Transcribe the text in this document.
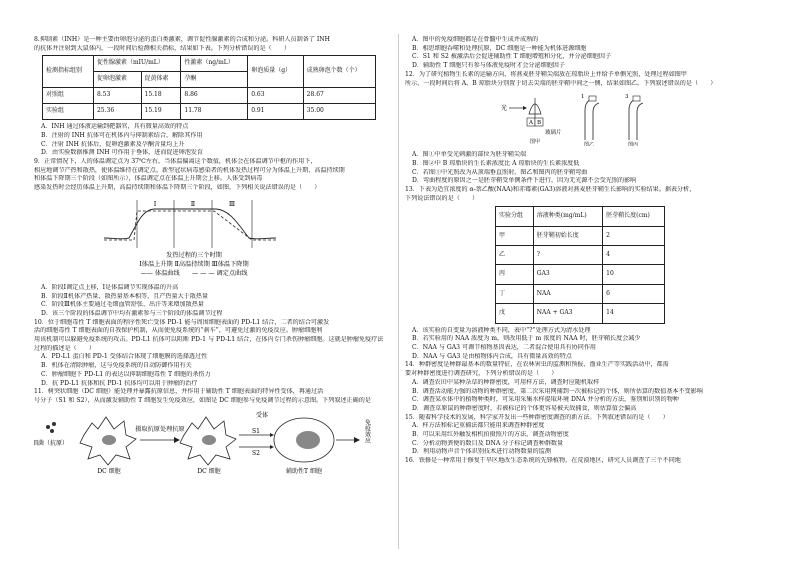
8.抑制素（INH）是一种主要由卵泡分泌的蛋白类激素，调节促性腺激素的合成和分泌。科研人员制备了 INH

的抗体并注射到大鼠体内，一段时间后检测相关指标，结果如下表。下列分析错误的是（　　）

检测指标组别	促性腺激素（mIU/mL）		性激素（ng/mL）	卵泡质量（g）	成熟卵泡个数（个）
	促卵泡激素	促黄体素	孕酮		
对照组	8.53	15.18	8.86	0.63	28.67
实验组	25.36	15.19	11.78	0.91	35.00

A．INH 通过体液运输到靶器官，具有微量高效的特点

B．注射的 INH 抗体可在机体内与抑制素结合，解除其作用

C．注射 INH 抗体后，促卵泡激素及孕酮含量均上升

D．由实验数据推测 INH 可作用于垂体，进而促进卵泡发育

9．正常情况下，人的体温调定点为 37℃左右，当体温偏离这个数值，机体会在体温调节中枢的作用下，

相应地调节产热和散热，使体温维持在调定点。新型冠状病毒感染者的机体发热过程可分为体温上升期、高温持续期

和体温下降期三个阶段（如图所示），体温调定点在体温上升期会上移。人体受到病毒

感染发热时会经历体温上升期，高温持续期和体温下降期三个阶段，如图，下列相关说法错误的是（　　）

Ⅰ	Ⅱ	Ⅲ
发热过程的三个时期
Ⅰ体温上升期 Ⅱ高温持续期 Ⅲ体温下降期
—— 体温曲线　　— — — 调定点曲线

A．阶段Ⅰ调定点上移，Ⅰ是体温调节实现体温的升高

B．阶段Ⅱ机体产热量、散热量基本相等，且产热量大于散热量

C．阶段Ⅲ机体主要通过毛细血管舒张、出汗等来增加散热量

D．该三个阶段的体温调节中均有激素参与三个阶段的体温调节过程

10．位于细胞毒性 T 细胞表面的程序性死亡受体 PD-1 能与周围细胞表面的 PD-L1 结合，二者的结合可激发

活的细胞毒性 T 细胞表面的自我保护机制，从而使免疫系统的“刹车”，可避免过激的免疫反应。肿瘤细胞利

用该机制可以躲避免疫系统的攻击。PD-L1 抗体可以阻断 PD-1 与 PD-L1 结合，在体内专门杀伤肿瘤细胞。这就是肿瘤免疫疗法

过程的描述是（　　）

A．PD-L1 蛋白和 PD-1 受体结合体现了细胞膜的选择透过性

B．机体在清除肿瘤，这与免疫系统的自动防御作用有关

C．肿瘤细胞下 PD-L1 的表达以抑制细胞毒性 T 细胞的杀伤力

D．抗 PD-L1 抗体和抗 PD-1 抗体均可以用于肿瘤的治疗

11．树突状细胞（DC 细胞）能处理并暴露抗原信息，并作用于辅助性 T 细胞表面的特异性受体，再通过活

号分子（S1 和 S2），从而激发辅助性 T 细胞发生免疫效应，如图是 DC 细胞参与免疫调节过程的示意图。下列叙述正确的是

细菌（抗原）
DC 细胞
摄取抗原处理抗原
DC 细胞
受体
S1
S2
辅助性T 细胞
免疫效应

A．图中的免疫细胞都是在骨髓中生成并成熟的

B．相思细胞吞噬和处理抗原，DC 细胞是一种能为机体进源细胞

C．S1 和 S2 被激活后会促进辅助性 T 细胞增殖和分化，并分泌细胞因子

D．辅助性 T 细胞只有参与体液免疫时才会分泌细胞因子

12．为了研究植物生长素的运输方向，将燕麦胚芽鞘尖端放在琼脂块上并给予单侧光照，处理过程如图甲

所示，一段时间后将 A、B 琼脂块分别置于切去尖端的胚芽鞘中间之一侧，结果如图乙。下列叙述错误的是（　　）

光
A B
玻璃片
图甲
1
图乙
3
图丙

A．图①中单受光刺激的部位为胚芽鞘尖端

B．图②中 B 琼脂块的生长素浓度比 A 琼脂块的生长素浓度低

C．若图①中光照改为从顶端垂直照射，图乙和图丙的胚芽鞘弯曲

D．弯曲程度的原因之一是胚芽鞘受单侧条件下进行，因为无光源不会受光照的影响

13．下表为适宜浓度的 α-萘乙酸(NAA)和赤霉素(GA3)溶液对燕麦胚芽鞘生长影响的实验结果。据表分析，

下列说法错误的是（　　）

实验分组	溶液种类(mg/mL)	胚芽鞘长度(cm)
甲	胚芽鞘初始长度	2
乙	?	4
丙	GA3	10
丁	NAA	6
戊	NAA + GA3	14

A．该实验的自变量为溶液种类不同，表中“?”处理方式为清水处理

B．若实验用的 NAA 浓度为 m，则改用低于 m 浓度的 NAA 时，胚芽鞘长度会减少

C．NAA 与 GA3 可调节植物基因表达，二者混合使用具有协同作用

D．NAA 与 GA3 是由植物体内合成，具有微量高效的特点

14．种群密度是种群最基本的数量特征，在农林害虫的监测和预报、渔业生产等实践活动中，都需

要对种群密度进行调查研究，下列分析错误的是（　　）

A．调查农田中某种杂草的种群密度，可用样方法，调查时应随机取样

B．调查活动能力强的动物的种群密度，第二次采用网捕到一次被标记的个体，则所估算的数值基本不变影响

C．调查某水体中的植物种类时，可采用采集水样提取环境 DNA 并分析的方法，鉴别和识别的物种

D．调查草原鼠的种群密度时，若被标记的个体更容易被天敌捕食，则估算值会偏高

15．随着科学技术的发展，科学家开发出一些种群密度调查的新方法。下列叙述错误的是（　　）

A．样方法和标记重捕法都只能用来调查种群密度

B．可以采用红外触发相机拍摄照片的方法，调查动物密度

C．分析动物粪便的数目及 DNA 分子标记调查种群数量

D．利用动物声音个体识别技术进行动物数量的监测

16．铁修是一种常用于修复干旱区地改生态系统的先锋植物，在荒漠地区，研究人员调查了三个不同地
